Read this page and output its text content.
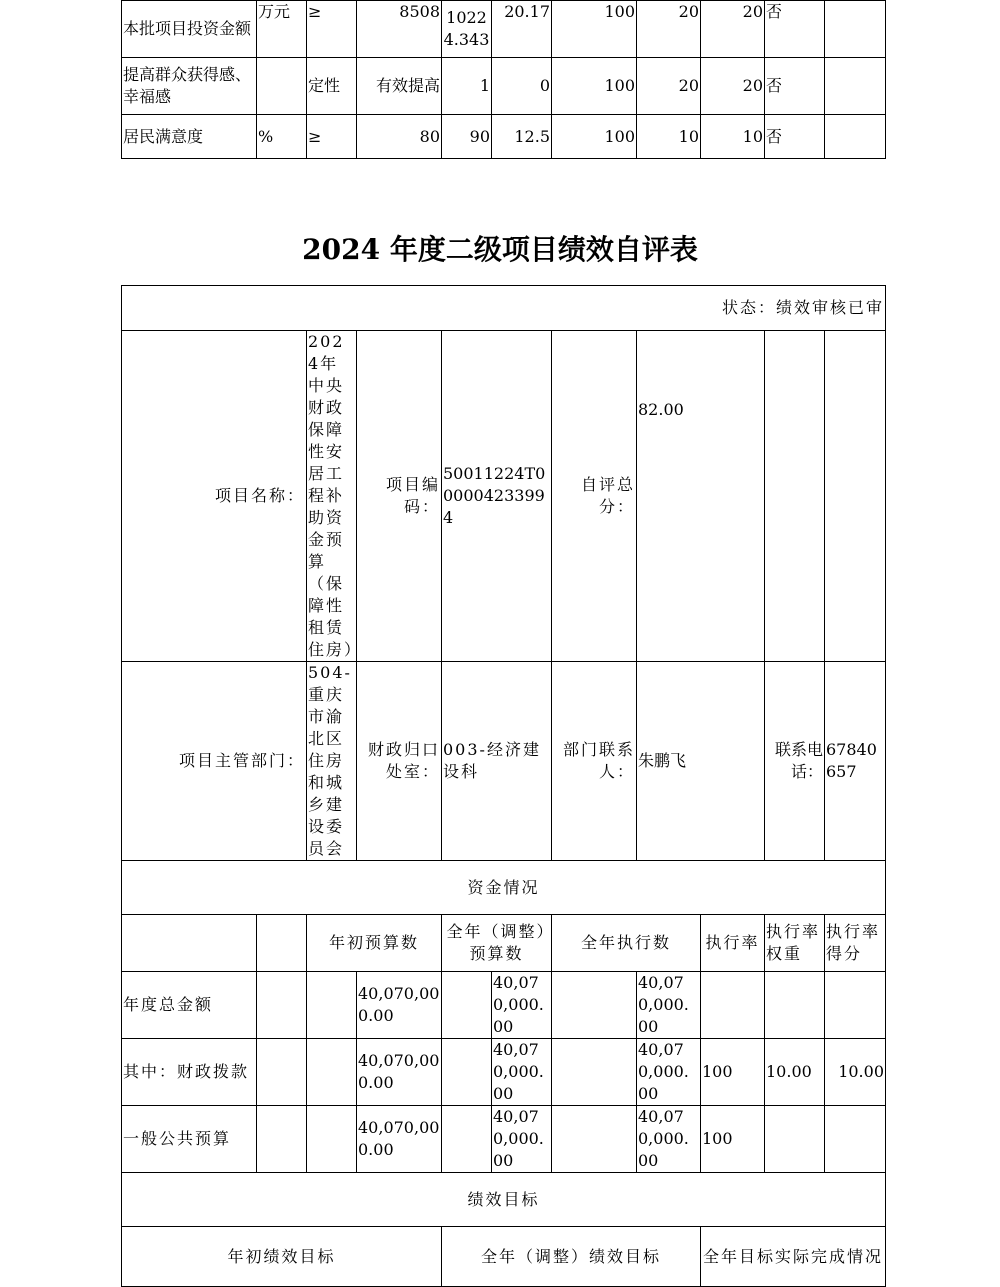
本批项目投资金额	万元	≥	8508	10224.343	20.17	100	20	20	否	
提高群众获得感、幸福感		定性	有效提高	1	0	100	20	20	否	
居民满意度	%	≥	80	90	12.5	100	10	10	否	
2024 年度二级项目绩效自评表
状态：绩效审核已审										
项目名称：		2024年中央财政保障性安居工程补助资金预算（保障性租赁住房）	项目编码：	50011224T000004233994		自评总分：	82.00			
项目主管部门：		504-重庆市渝北区住房和城乡建设委员会	财政归口处室：	003-经济建设科		部门联系人：	朱鹏飞		联系电话：	67840657
资金情况										
		年初预算数		全年（调整）预算数		全年执行数		执行率	执行率权重	执行率得分
年度总金额			40,070,000.00		40,070,000.00		40,070,000.00			
其中：财政拨款			40,070,000.00		40,070,000.00		40,070,000.00	100	10.00	10.00
一般公共预算			40,070,000.00		40,070,000.00		40,070,000.00	100		
绩效目标										
年初绩效目标				全年（调整）绩效目标				全年目标实际完成情况		
